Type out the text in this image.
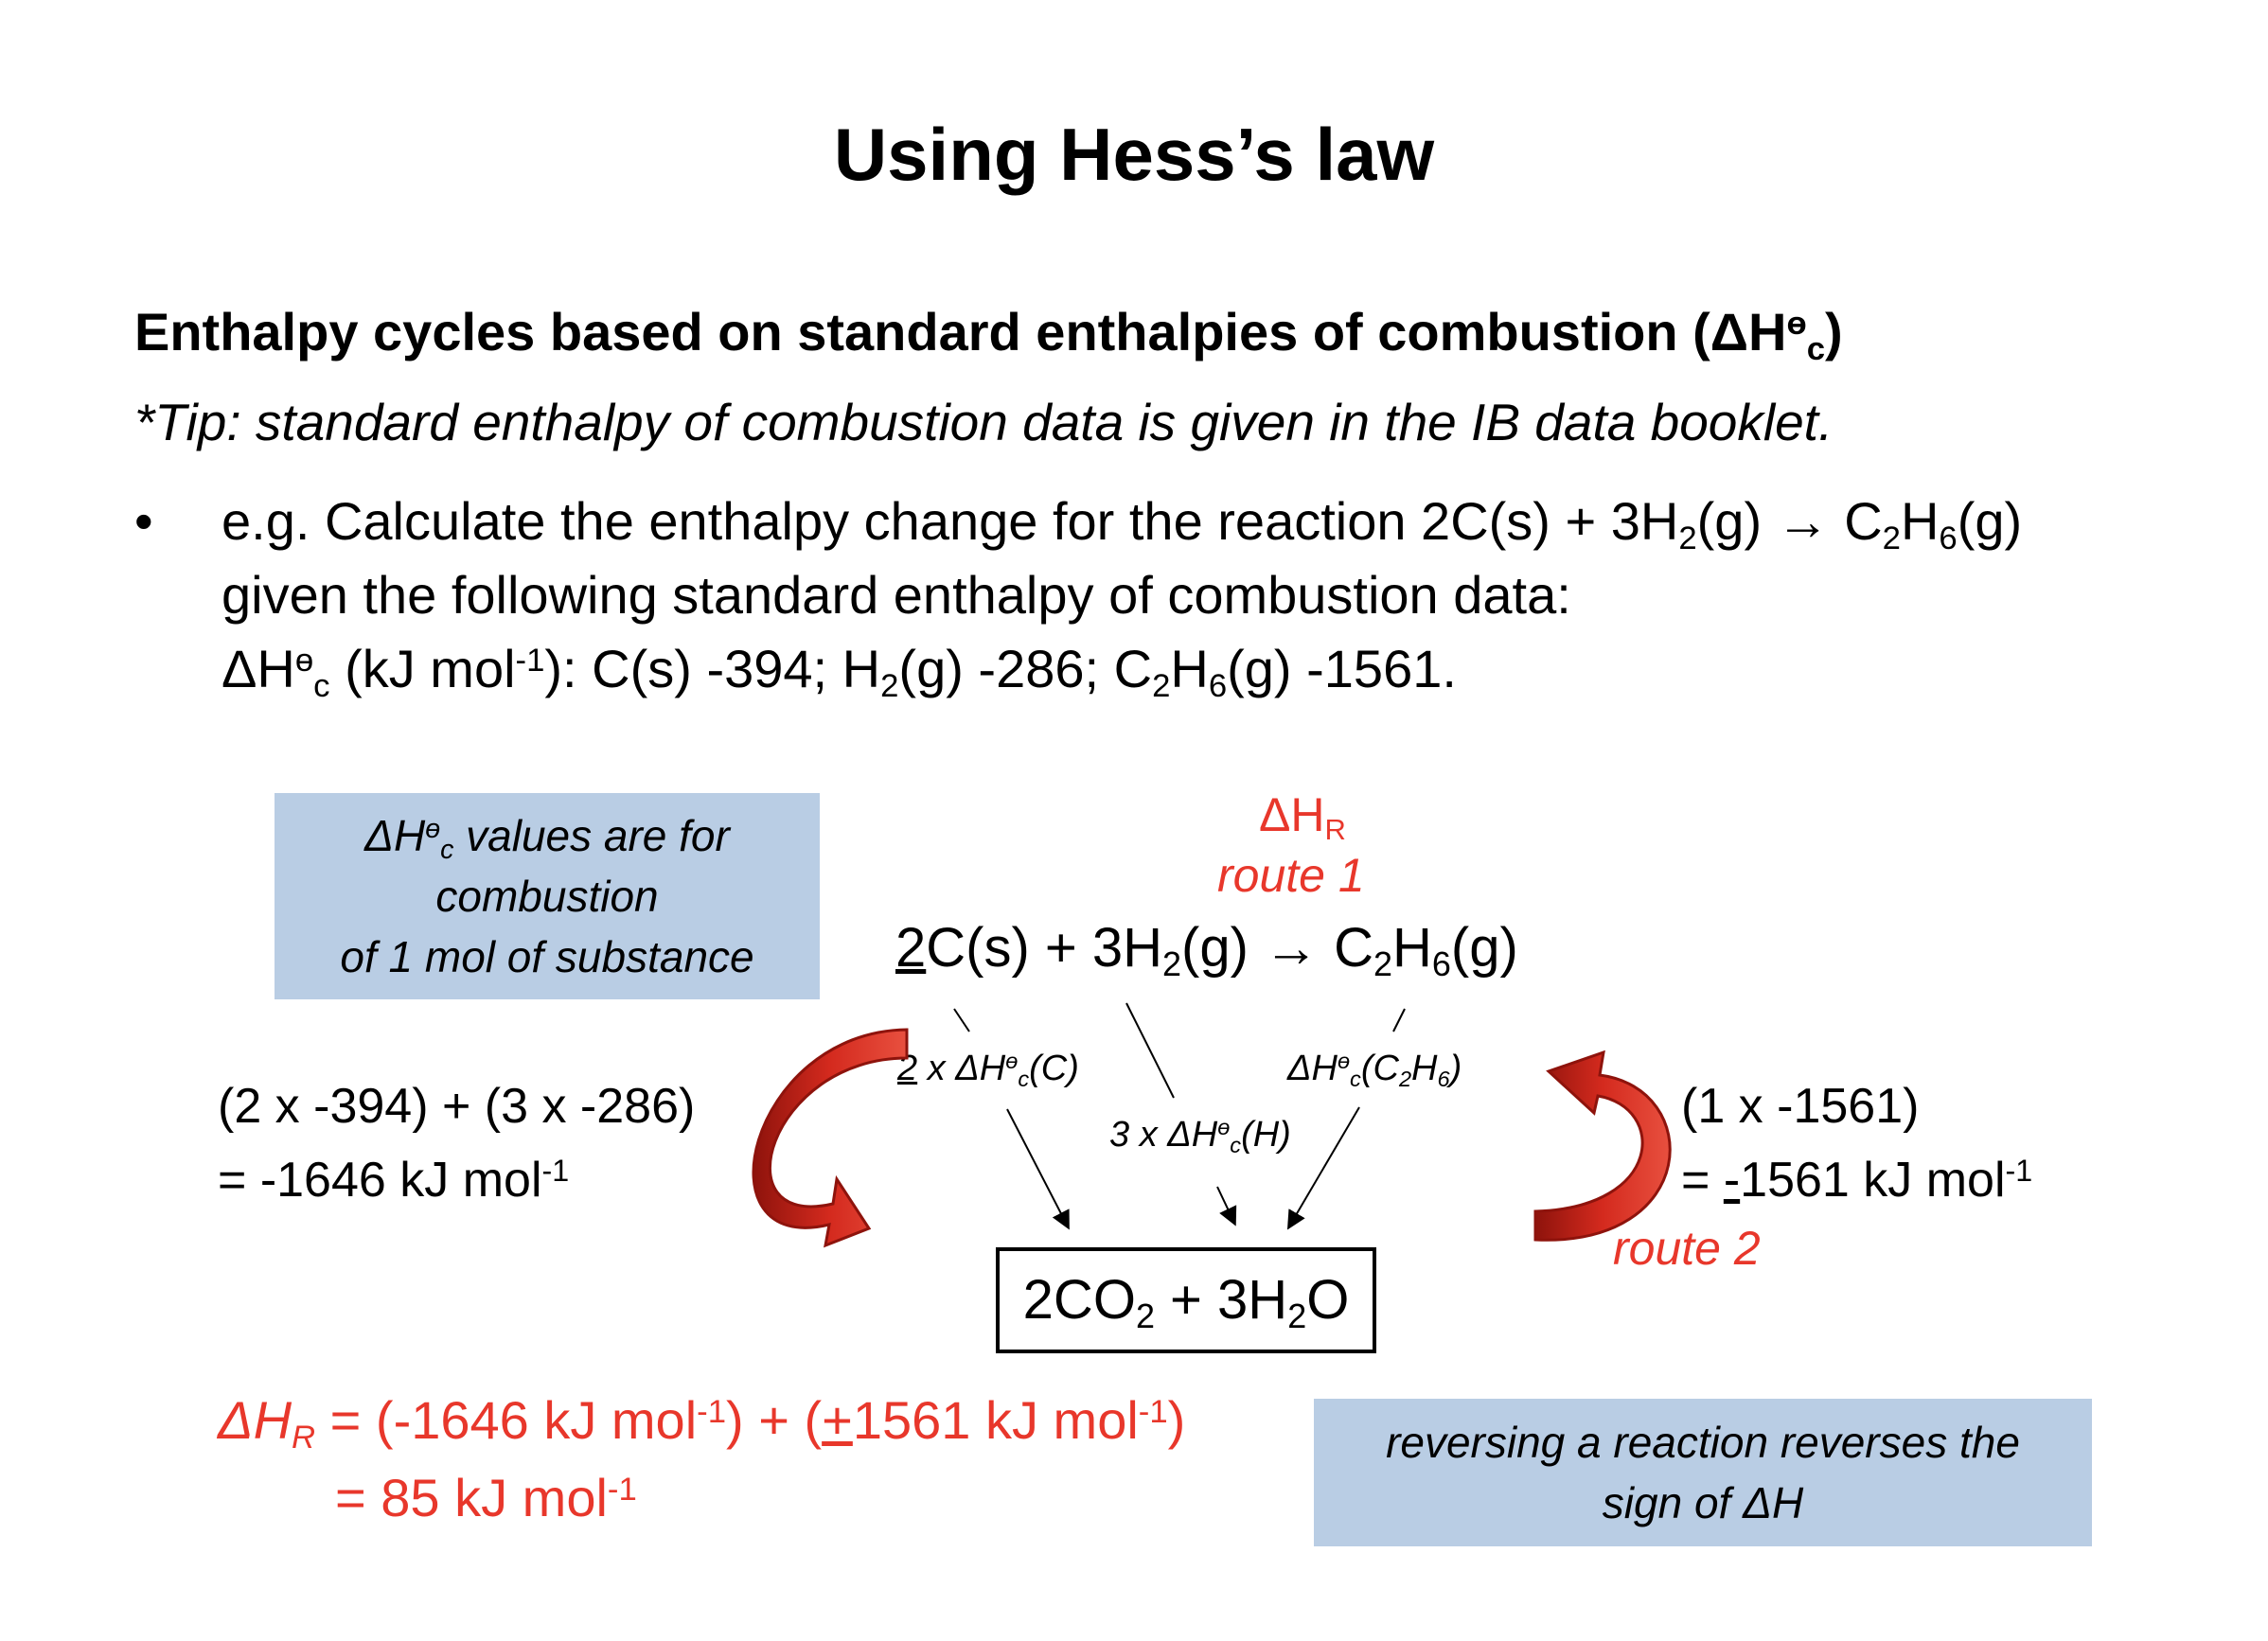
Using Hess’s law
Enthalpy cycles based on standard enthalpies of combustion $(\Delta H^ɵ_c)$
*Tip: standard enthalpy of combustion data is given in the IB data booklet.
• e.g. Calculate the enthalpy change for the reaction $2C(s) + 3H_2(g) \to C_2H_6(g)$
given the following standard enthalpy of combustion data:
$\Delta H^ɵ_c$ (kJ mol$^{-1}$): C(s) -394; $H_2(g)$ -286; $C_2H_6(g)$ -1561.
$\Delta H^ɵ_c$ values are for
combustion
of 1 mol of substance
$\Delta H_R$
route 1
$2C(s) + 3H_2(g) \to C_2H_6(g)$
$2CO_2 + 3H_2O$
2 x $\Delta H^ɵ_c(C)$
3 x $\Delta H^ɵ_c(H)$
$\Delta H^ɵ_c(C_2H_6)$
(2 x -394) + (3 x -286)
= -1646 kJ mol$^{-1}$
(1 x -1561)
= -1561 kJ mol$^{-1}$
route 2
$\Delta H_R = (-1646$ kJ mol$^{-1}$) + (+1561 kJ mol$^{-1}$)
= 85 kJ mol$^{-1}$
reversing a reaction reverses the
sign of ΔH
